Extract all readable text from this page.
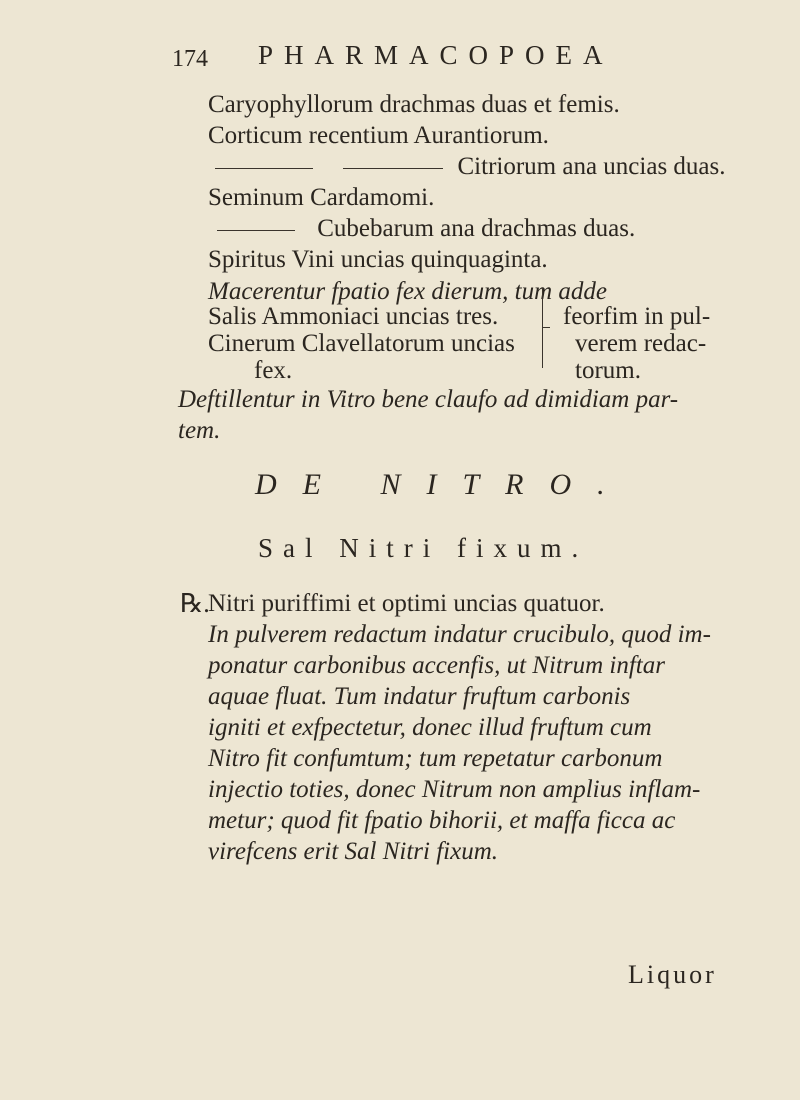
174 PHARMACOPOEA
Caryophyllorum drachmas duas et femis.
Corticum recentium Aurantiorum.
Citriorum ana uncias duas.
Seminum Cardamomi.
Cubebarum ana drachmas duas.
Spiritus Vini uncias quinquaginta.
Macerentur fpatio fex dierum, tum adde
Salis Ammoniaci uncias tres.
Cinerum Clavellatorum uncias
fex.
feorfim in pul-
verem redac-
torum.
Deftillentur in Vitro bene claufo ad dimidiam par-
tem.
DE NITRO.
Sal Nitri fixum.
℞.
Nitri puriffimi et optimi uncias quatuor.
In pulverem redactum indatur crucibulo, quod im-
ponatur carbonibus accenfis, ut Nitrum inftar
aquae fluat. Tum indatur fruftum carbonis
igniti et exfpectetur, donec illud fruftum cum
Nitro fit confumtum; tum repetatur carbonum
injectio toties, donec Nitrum non amplius inflam-
metur; quod fit fpatio bihorii, et maffa ficca ac
virefcens erit Sal Nitri fixum.
Liquor
